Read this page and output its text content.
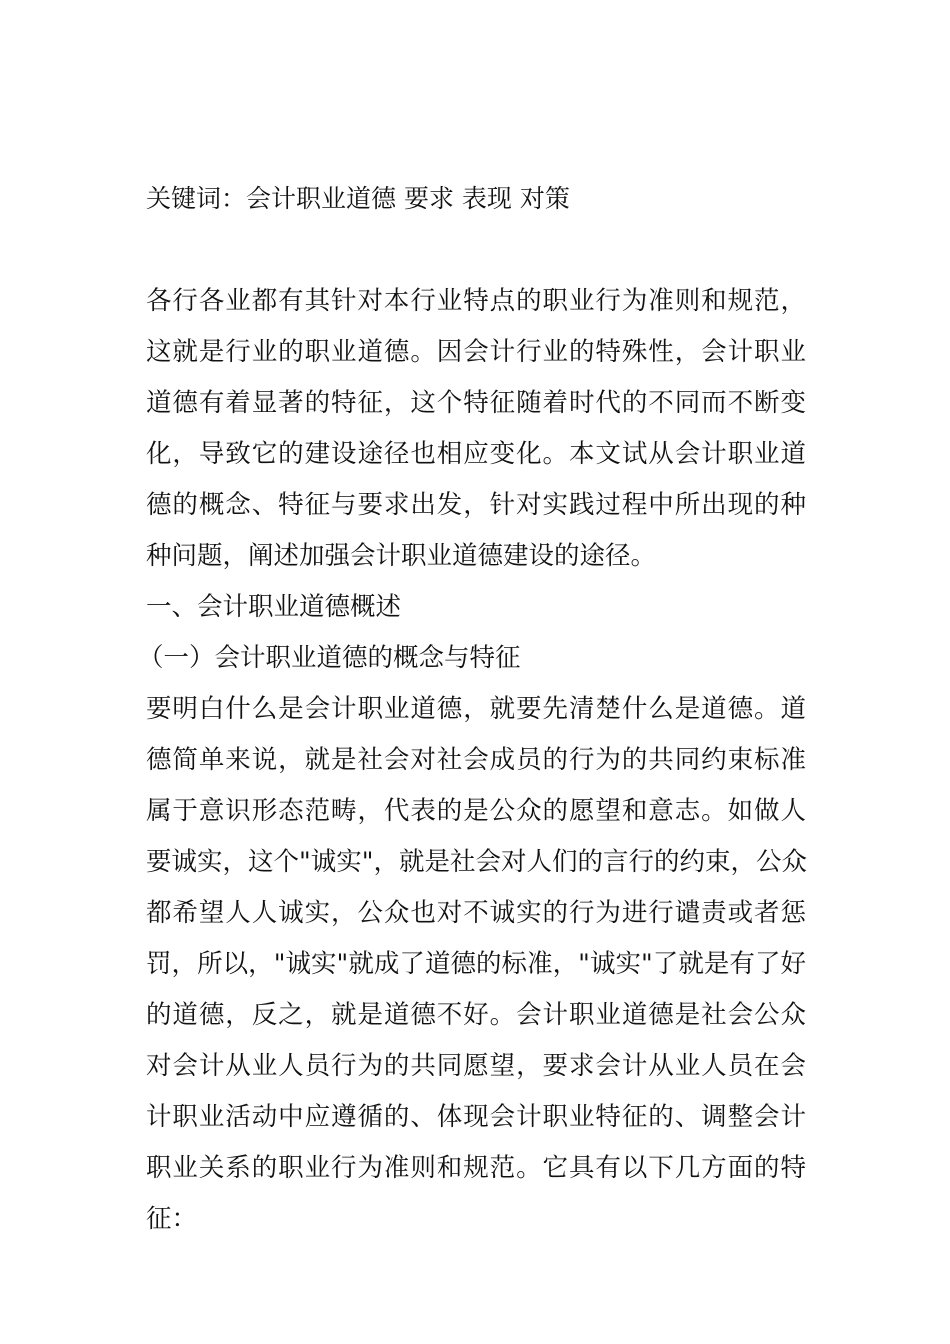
关键词：会计职业道德 要求 表现 对策
各行各业都有其针对本行业特点的职业行为准则和规范，
这就是行业的职业道德。因会计行业的特殊性，会计职业
道德有着显著的特征，这个特征随着时代的不同而不断变
化，导致它的建设途径也相应变化。本文试从会计职业道
德的概念、特征与要求出发，针对实践过程中所出现的种
种问题，阐述加强会计职业道德建设的途径。
一、会计职业道德概述
（一）会计职业道德的概念与特征
要明白什么是会计职业道德，就要先清楚什么是道德。道
德简单来说，就是社会对社会成员的行为的共同约束标准
属于意识形态范畴，代表的是公众的愿望和意志。如做人
要诚实，这个"诚实"，就是社会对人们的言行的约束，公众
都希望人人诚实，公众也对不诚实的行为进行谴责或者惩
罚，所以，"诚实"就成了道德的标准，"诚实"了就是有了好
的道德，反之，就是道德不好。会计职业道德是社会公众
对会计从业人员行为的共同愿望，要求会计从业人员在会
计职业活动中应遵循的、体现会计职业特征的、调整会计
职业关系的职业行为准则和规范。它具有以下几方面的特
征：
